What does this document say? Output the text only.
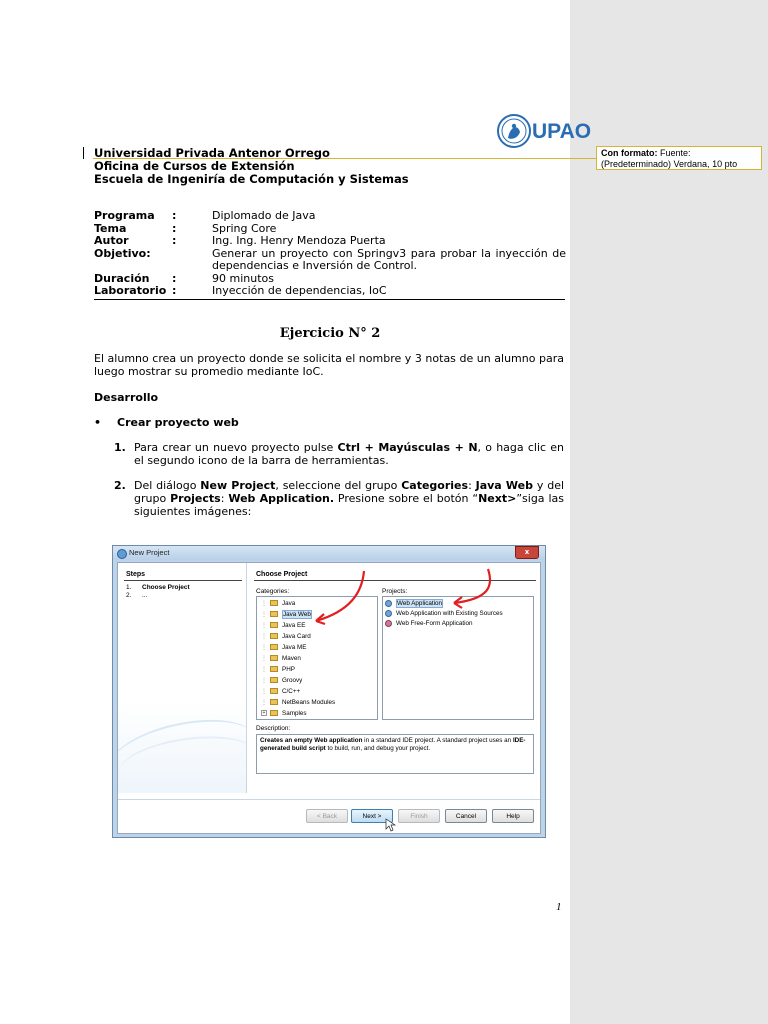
Con formato: Fuente: (Predeterminado) Verdana, 10 pto
UPAO
Universidad Privada Antenor Orrego
Oficina de Cursos de Extensión
Escuela de Ingeniría de Computación y Sistemas
Programa	:	Diplomado de Java
Tema	:	Spring Core
Autor	:	Ing. Ing. Henry Mendoza Puerta
Objetivo:	Generar un proyecto con Springv3 para probar la inyección de dependencias e Inversión de Control.
Duración	:	90 minutos
Laboratorio :	Inyección de dependencias, IoC
Ejercicio N° 2
El alumno crea un proyecto donde se solicita el nombre y 3 notas de un alumno para luego mostrar su promedio mediante IoC.
Desarrollo
• Crear proyecto web
1. Para crear un nuevo proyecto pulse Ctrl + Mayúsculas + N, o haga clic en el segundo icono de la barra de herramientas.
2. Del diálogo New Project, seleccione del grupo Categories: Java Web y del grupo Projects: Web Application. Presione sobre el botón “Next>”siga las siguientes imágenes:
New Project	x
Steps
1. Choose Project
2. ...
Choose Project
Categories:	Projects:
⋮ Java
⋮	Java Web
⋮ Java EE
⋮ Java Card
⋮ Java ME
⋮ Maven
⋮ PHP
⋮ Groovy
⋮ C/C++
⋮ NetBeans Modules
+	Samples
Web Application
Web Application with Existing Sources
Web Free-Form Application
Description:
Creates an empty Web application in a standard IDE project. A standard project uses an IDE-generated build script to build, run, and debug your project.
< Back	Next >	Finish	Cancel	Help
1
